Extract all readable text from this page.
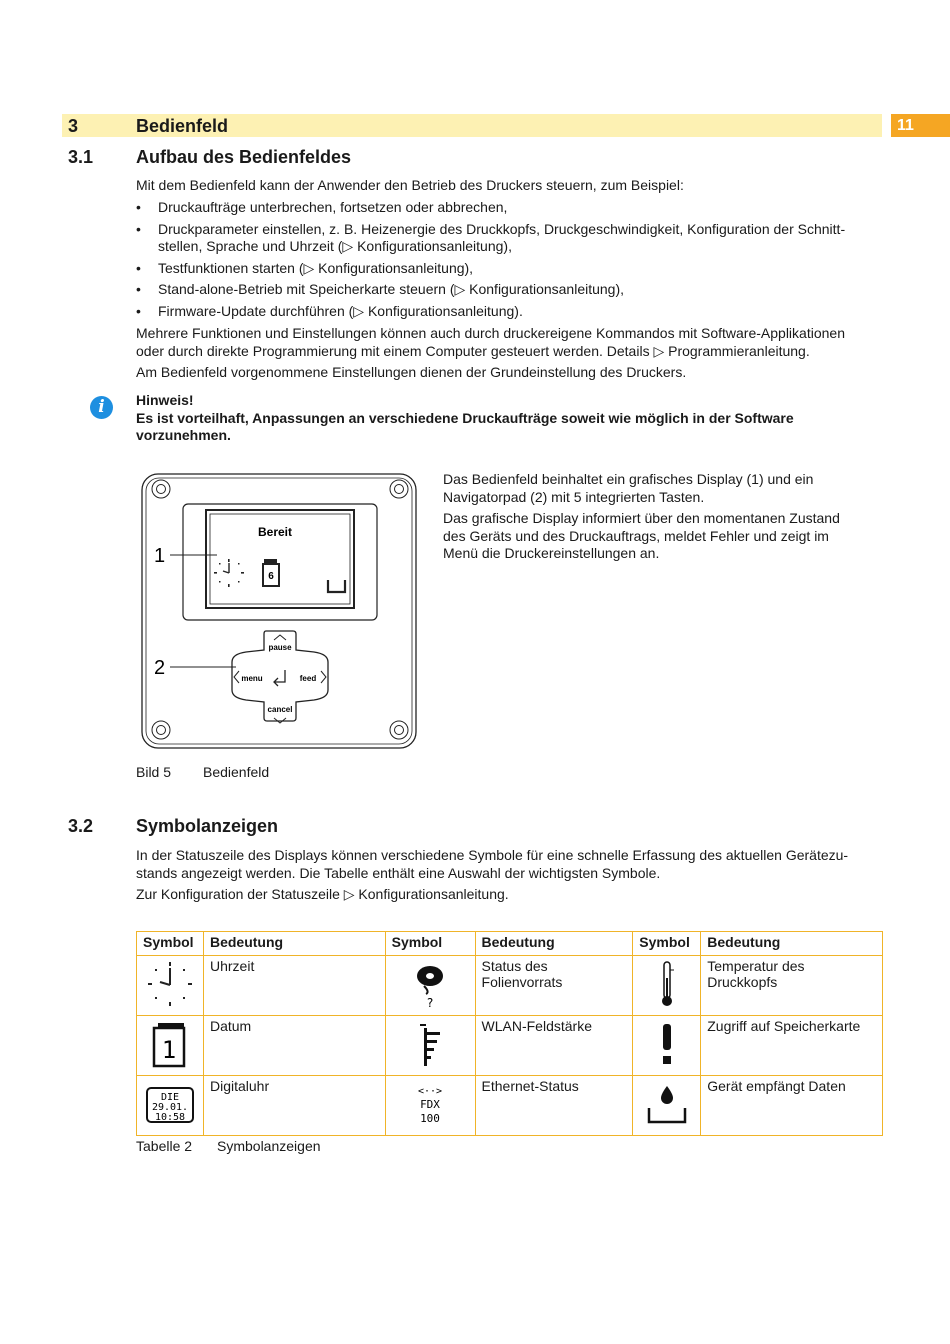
3	Bedienfeld	11
3.1 Aufbau des Bedienfeldes
Mit dem Bedienfeld kann der Anwender den Betrieb des Druckers steuern, zum Beispiel:
• Druckaufträge unterbrechen, fortsetzen oder abbrechen,
• Druckparameter einstellen, z. B. Heizenergie des Druckkopfs, Druckgeschwindigkeit, Konfiguration der Schnittstellen, Sprache und Uhrzeit (▷ Konfigurationsanleitung),
• Testfunktionen starten (▷ Konfigurationsanleitung),
• Stand-alone-Betrieb mit Speicherkarte steuern (▷ Konfigurationsanleitung),
• Firmware-Update durchführen (▷ Konfigurationsanleitung).
Mehrere Funktionen und Einstellungen können auch durch druckereigene Kommandos mit Software-Applikationen oder durch direkte Programmierung mit einem Computer gesteuert werden. Details ▷ Programmieranleitung.
Am Bedienfeld vorgenommene Einstellungen dienen der Grundeinstellung des Druckers.
i	Hinweis!
Es ist vorteilhaft, Anpassungen an verschiedene Druckaufträge soweit wie möglich in der Software vorzunehmen.
Bereit
6
1
pause
menu	feed
cancel
2
Das Bedienfeld beinhaltet ein grafisches Display (1) und ein Navigatorpad (2) mit 5 integrierten Tasten.
Das grafische Display informiert über den momentanen Zustand des Geräts und des Druckauftrags, meldet Fehler und zeigt im Menü die Druckereinstellungen an.
Bild 5 Bedienfeld
3.2 Symbolanzeigen
In der Statuszeile des Displays können verschiedene Symbole für eine schnelle Erfassung des aktuellen Gerätezustands angezeigt werden. Die Tabelle enthält eine Auswahl der wichtigsten Symbole.
Zur Konfiguration der Statuszeile ▷ Konfigurationsanleitung.
Symbol	Bedeutung	Symbol	Bedeutung	Symbol	Bedeutung
	Uhrzeit	?	Status des Folienvorrats		Temperatur des Druckkopfs

1	Datum		WLAN-Feldstärke		Zugriff auf Speicherkarte

DIE
29.01.
10:58	Digitaluhr	<··>
FDX
100	Ethernet-Status		Gerät empfängt Daten
Tabelle 2 Symbolanzeigen
